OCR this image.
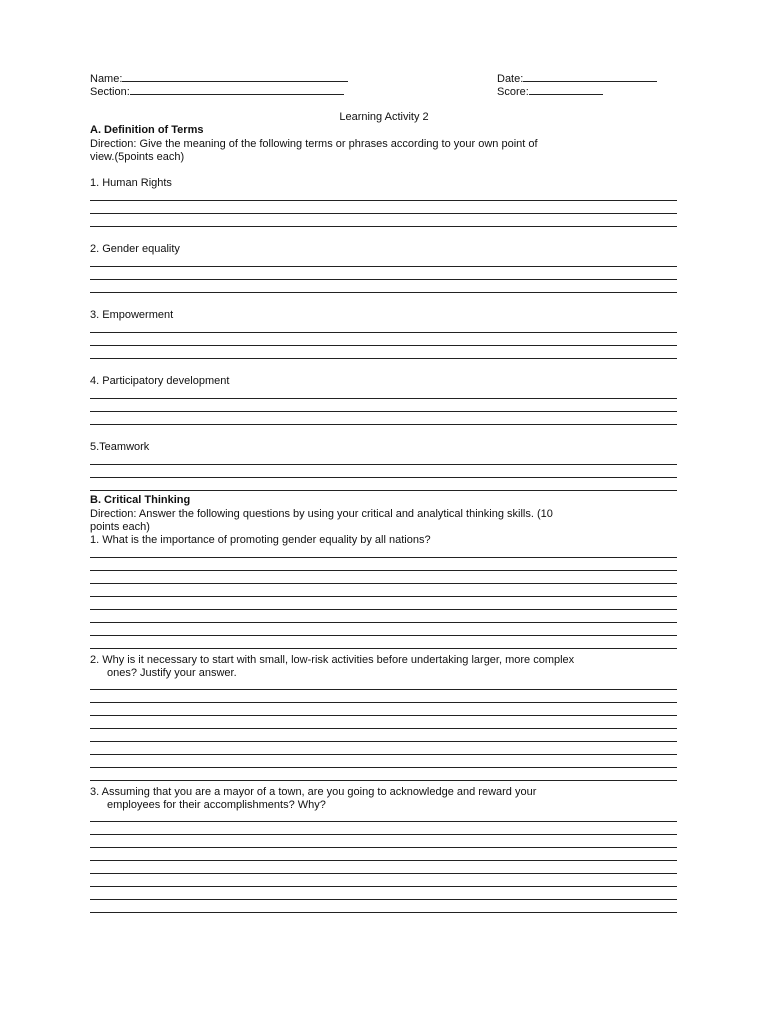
Name:
Section:
Date:
Score:
Learning Activity 2
A. Definition of Terms
Direction: Give the meaning of the following terms or phrases according to your own point of
view.(5points each)
1. Human Rights
2. Gender equality
3. Empowerment
4. Participatory development
5.Teamwork
B. Critical Thinking
Direction: Answer the following questions by using your critical and analytical thinking skills. (10
points each)
1. What is the importance of promoting gender equality by all nations?
2. Why is it necessary to start with small, low-risk activities before undertaking larger, more complex
ones? Justify your answer.
3. Assuming that you are a mayor of a town, are you going to acknowledge and reward your
employees for their accomplishments? Why?
